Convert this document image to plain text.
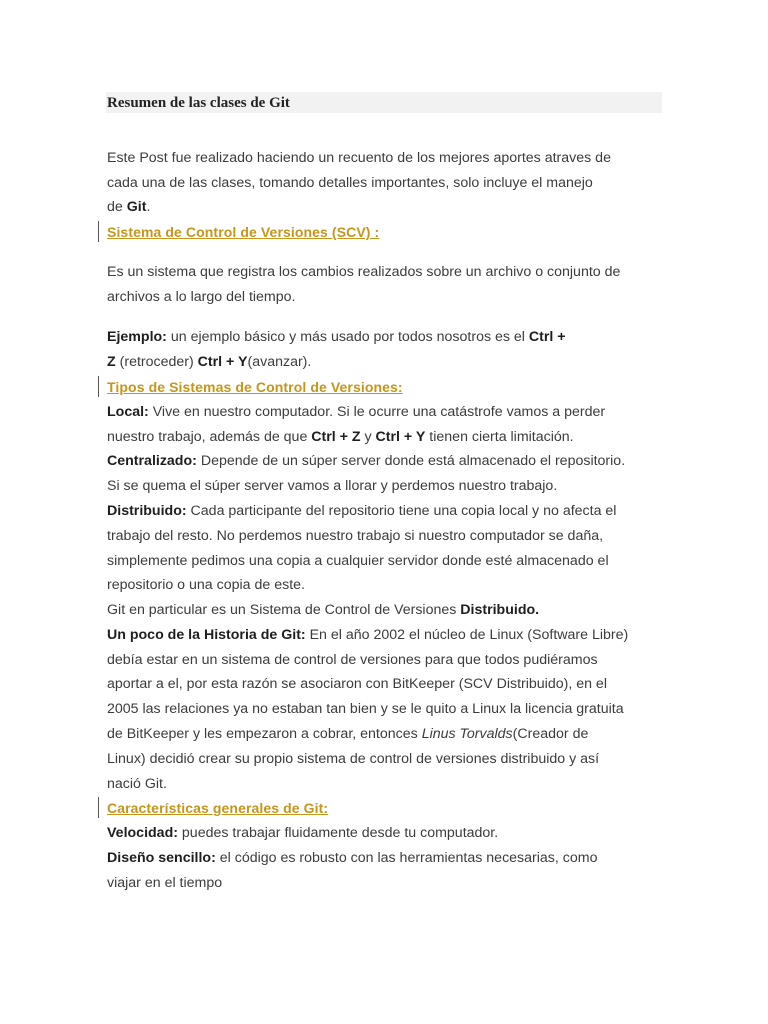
Resumen de las clases de Git
Este Post fue realizado haciendo un recuento de los mejores aportes atraves de
cada una de las clases, tomando detalles importantes, solo incluye el manejo
de Git.
Sistema de Control de Versiones (SCV) :
Es un sistema que registra los cambios realizados sobre un archivo o conjunto de
archivos a lo largo del tiempo.
Ejemplo: un ejemplo básico y más usado por todos nosotros es el Ctrl +
Z (retroceder) Ctrl + Y(avanzar).
Tipos de Sistemas de Control de Versiones:
Local: Vive en nuestro computador. Si le ocurre una catástrofe vamos a perder
nuestro trabajo, además de que Ctrl + Z y Ctrl + Y tienen cierta limitación.
Centralizado: Depende de un súper server donde está almacenado el repositorio.
Si se quema el súper server vamos a llorar y perdemos nuestro trabajo.
Distribuido: Cada participante del repositorio tiene una copia local y no afecta el
trabajo del resto. No perdemos nuestro trabajo si nuestro computador se daña,
simplemente pedimos una copia a cualquier servidor donde esté almacenado el
repositorio o una copia de este.
Git en particular es un Sistema de Control de Versiones Distribuido.
Un poco de la Historia de Git: En el año 2002 el núcleo de Linux (Software Libre)
debía estar en un sistema de control de versiones para que todos pudiéramos
aportar a el, por esta razón se asociaron con BitKeeper (SCV Distribuido), en el
2005 las relaciones ya no estaban tan bien y se le quito a Linux la licencia gratuita
de BitKeeper y les empezaron a cobrar, entonces Linus Torvalds(Creador de
Linux) decidió crear su propio sistema de control de versiones distribuido y así
nació Git.
Características generales de Git:
Velocidad: puedes trabajar fluidamente desde tu computador.
Diseño sencillo: el código es robusto con las herramientas necesarias, como
viajar en el tiempo
